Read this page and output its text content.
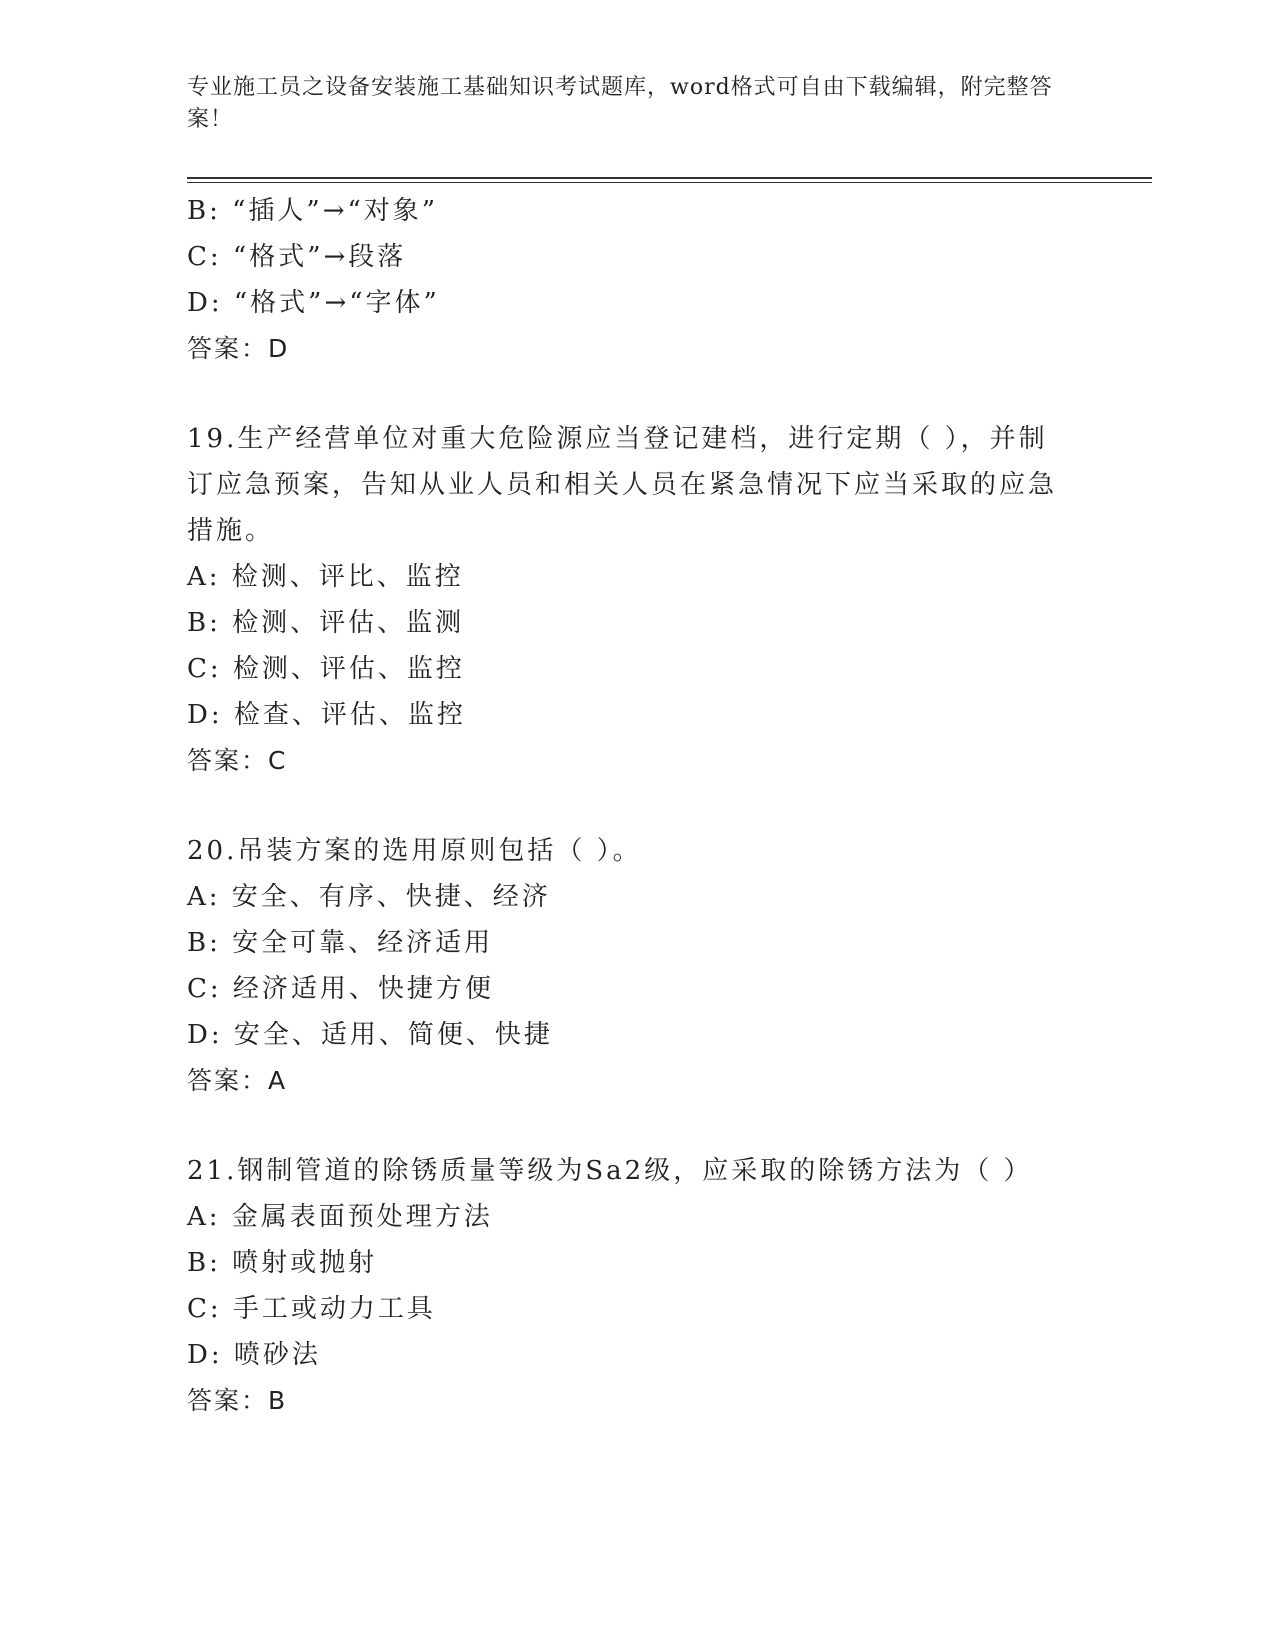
专业施工员之设备安装施工基础知识考试题库，word格式可自由下载编辑，附完整答案！
B: “插人”→“对象”
C: “格式”→段落
D: “格式”→“字体”
答案：D
19.生产经营单位对重大危险源应当登记建档，进行定期（ ），并制订应急预案，告知从业人员和相关人员在紧急情况下应当采取的应急措施。
A: 检测、评比、监控
B: 检测、评估、监测
C: 检测、评估、监控
D: 检查、评估、监控
答案：C
20.吊装方案的选用原则包括（ ）。
A: 安全、有序、快捷、经济
B: 安全可靠、经济适用
C: 经济适用、快捷方便
D: 安全、适用、简便、快捷
答案：A
21.钢制管道的除锈质量等级为Sa2级，应采取的除锈方法为（ ）
A: 金属表面预处理方法
B: 喷射或抛射
C: 手工或动力工具
D: 喷砂法
答案：B
